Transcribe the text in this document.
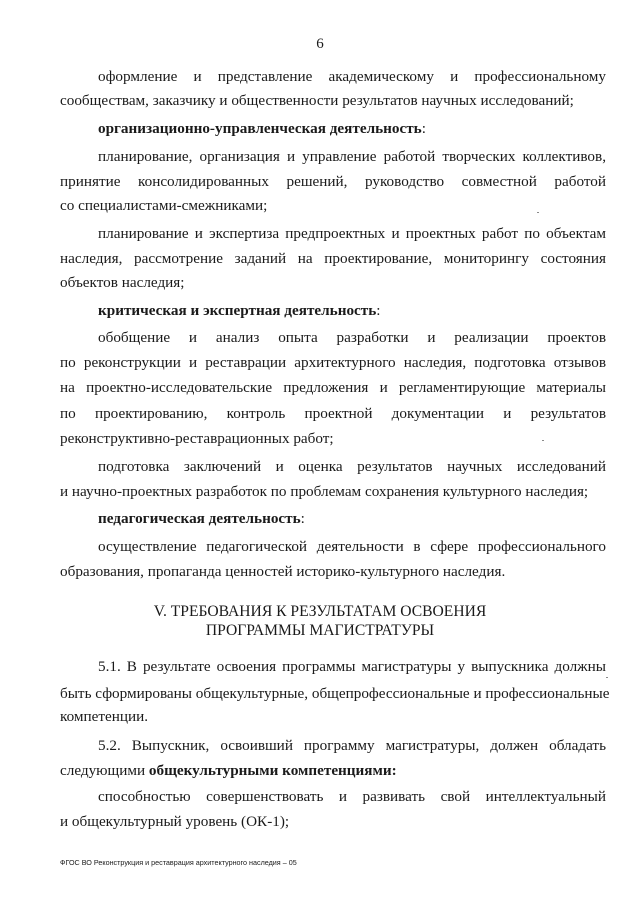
6
оформление и представление академическому и профессиональному
сообществам, заказчику и общественности результатов научных исследований;
организационно-управленческая деятельность:
планирование, организация и управление работой творческих коллективов,
принятие консолидированных решений, руководство совместной работой
со специалистами-смежниками;
планирование и экспертиза предпроектных и проектных работ по объектам
наследия, рассмотрение заданий на проектирование, мониторингу состояния
объектов наследия;
критическая и экспертная деятельность:
обобщение и анализ опыта разработки и реализации проектов
по реконструкции и реставрации архитектурного наследия, подготовка отзывов
на проектно-исследовательские предложения и регламентирующие материалы
по проектированию, контроль проектной документации и результатов
реконструктивно-реставрационных работ;
подготовка заключений и оценка результатов научных исследований
и научно-проектных разработок по проблемам сохранения культурного наследия;
педагогическая деятельность:
осуществление педагогической деятельности в сфере профессионального
образования, пропаганда ценностей историко-культурного наследия.
V. ТРЕБОВАНИЯ К РЕЗУЛЬТАТАМ ОСВОЕНИЯ
ПРОГРАММЫ МАГИСТРАТУРЫ
5.1. В результате освоения программы магистратуры у выпускника должны
быть сформированы общекультурные, общепрофессиональные и профессиональные
компетенции.
5.2. Выпускник, освоивший программу магистратуры, должен обладать
следующими общекультурными компетенциями:
способностью совершенствовать и развивать свой интеллектуальный
и общекультурный уровень (ОК-1);
ФГОС ВО Реконструкция и реставрация архитектурного наследия – 05
